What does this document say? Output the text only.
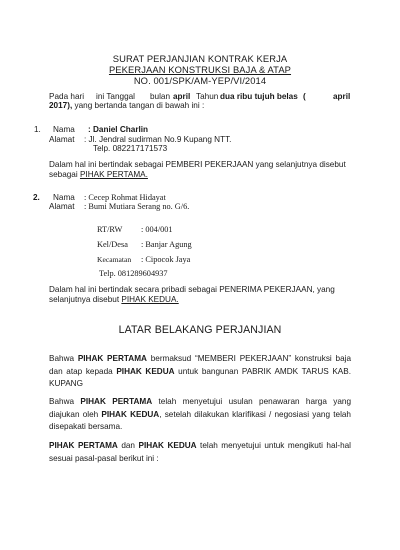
SURAT PERJANJIAN KONTRAK KERJA
PEKERJAAN KONSTRUKSI BAJA & ATAP
NO. 001/SPK/AM-YEP/VI/2014
Pada hari ini Tanggal bulan april Tahun dua ribu tujuh belas (	april
2017), yang bertanda tangan di bawah ini :
1. Nama : Daniel Charlin
Alamat : Jl. Jendral sudirman No.9 Kupang NTT.
Telp. 082217171573
Dalam hal ini bertindak sebagai PEMBERI PEKERJAAN yang selanjutnya disebut
sebagai PIHAK PERTAMA.
2. Nama : Cecep Rohmat Hidayat
Alamat : Bumi Mutiara Serang no. G/6.
RT/RW : 004/001
Kel/Desa : Banjar Agung
Kecamatan : Cipocok Jaya
Telp. 081289604937
Dalam hal ini bertindak secara pribadi sebagai PENERIMA PEKERJAAN, yang
selanjutnya disebut PIHAK KEDUA.
LATAR BELAKANG PERJANJIAN
Bahwa PIHAK PERTAMA bermaksud “MEMBERI PEKERJAAN” konstruksi baja dan atap kepada PIHAK KEDUA untuk bangunan PABRIK AMDK TARUS KAB. KUPANG
Bahwa PIHAK PERTAMA telah menyetujui usulan penawaran harga yang diajukan oleh PIHAK KEDUA, setelah dilakukan klarifikasi / negosiasi yang telah disepakati bersama.
PIHAK PERTAMA dan PIHAK KEDUA telah menyetujui untuk mengikuti hal-hal sesuai pasal-pasal berikut ini :
